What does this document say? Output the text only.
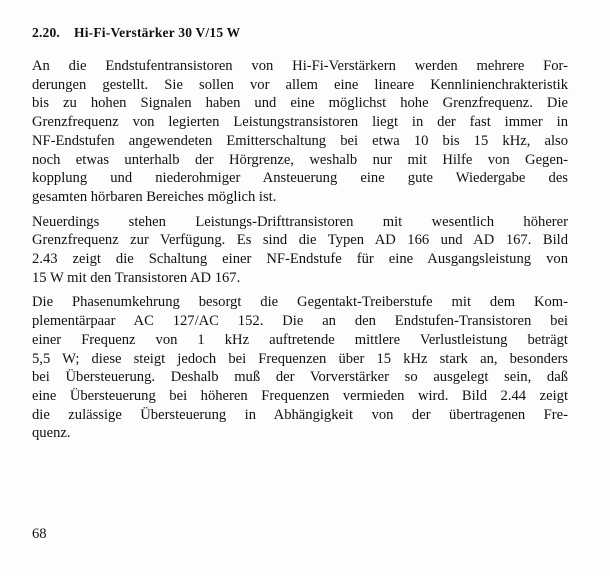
2.20. Hi-Fi-Verstärker 30 V/15 W

An die Endstufentransistoren von Hi-Fi-Verstärkern werden mehrere For-
derungen gestellt. Sie sollen vor allem eine lineare Kennlinienchrakteristik
bis zu hohen Signalen haben und eine möglichst hohe Grenzfrequenz. Die
Grenzfrequenz von legierten Leistungstransistoren liegt in der fast immer in
NF-Endstufen angewendeten Emitterschaltung bei etwa 10 bis 15 kHz, also
noch etwas unterhalb der Hörgrenze, weshalb nur mit Hilfe von Gegen-
kopplung und niederohmiger Ansteuerung eine gute Wiedergabe des
gesamten hörbaren Bereiches möglich ist.

Neuerdings stehen Leistungs-Drifttransistoren mit wesentlich höherer
Grenzfrequenz zur Verfügung. Es sind die Typen AD 166 und AD 167. Bild
2.43 zeigt die Schaltung einer NF-Endstufe für eine Ausgangsleistung von
15 W mit den Transistoren AD 167.

Die Phasenumkehrung besorgt die Gegentakt-Treiberstufe mit dem Kom-
plementärpaar AC 127/AC 152. Die an den Endstufen-Transistoren bei
einer Frequenz von 1 kHz auftretende mittlere Verlustleistung beträgt
5,5 W; diese steigt jedoch bei Frequenzen über 15 kHz stark an, besonders
bei Übersteuerung. Deshalb muß der Vorverstärker so ausgelegt sein, daß
eine Übersteuerung bei höheren Frequenzen vermieden wird. Bild 2.44 zeigt
die zulässige Übersteuerung in Abhängigkeit von der übertragenen Fre-
quenz.

68
